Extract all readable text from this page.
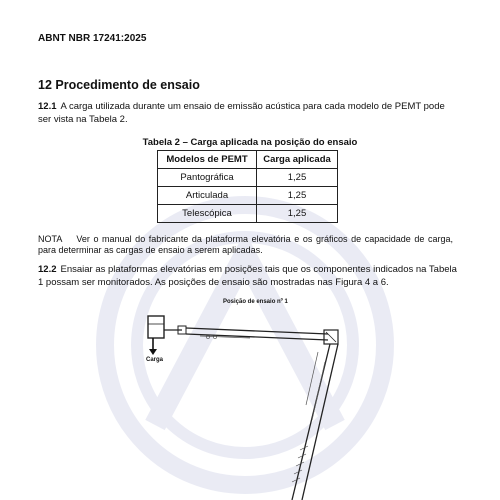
ABNT NBR 17241:2025
12 Procedimento de ensaio
12.1 A carga utilizada durante um ensaio de emissão acústica para cada modelo de PEMT pode ser vista na Tabela 2.
Tabela 2 – Carga aplicada na posição do ensaio
Modelos de PEMT	Carga aplicada
Pantográfica	1,25
Articulada	1,25
Telescópica	1,25
NOTA Ver o manual do fabricante da plataforma elevatória e os gráficos de capacidade de carga, para determinar as cargas de ensaio a serem aplicadas.
12.2 Ensaiar as plataformas elevatórias em posições tais que os componentes indicados na Tabela 1 possam ser monitorados. As posições de ensaio são mostradas nas Figura 4 a 6.
Posição de ensaio nº 1
Carga
